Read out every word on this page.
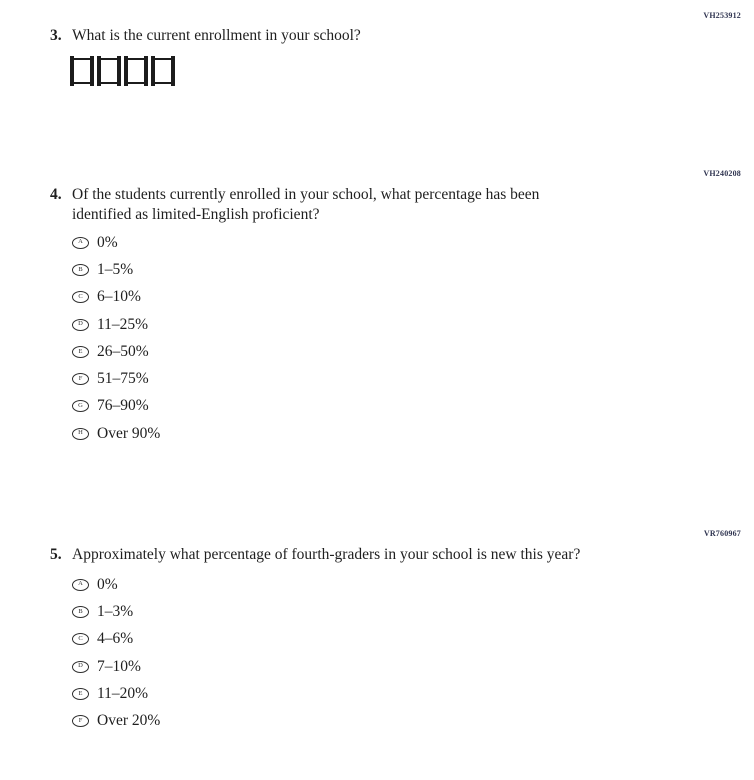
VH253912
3. What is the current enrollment in your school?
VH240208
4. Of the students currently enrolled in your school, what percentage has been
identified as limited-English proficient?
A 0%
B 1–5%
C 6–10%
D 11–25%
E 26–50%
F 51–75%
G 76–90%
H Over 90%
VR760967
5. Approximately what percentage of fourth-graders in your school is new this year?
A 0%
B 1–3%
C 4–6%
D 7–10%
E 11–20%
F Over 20%
